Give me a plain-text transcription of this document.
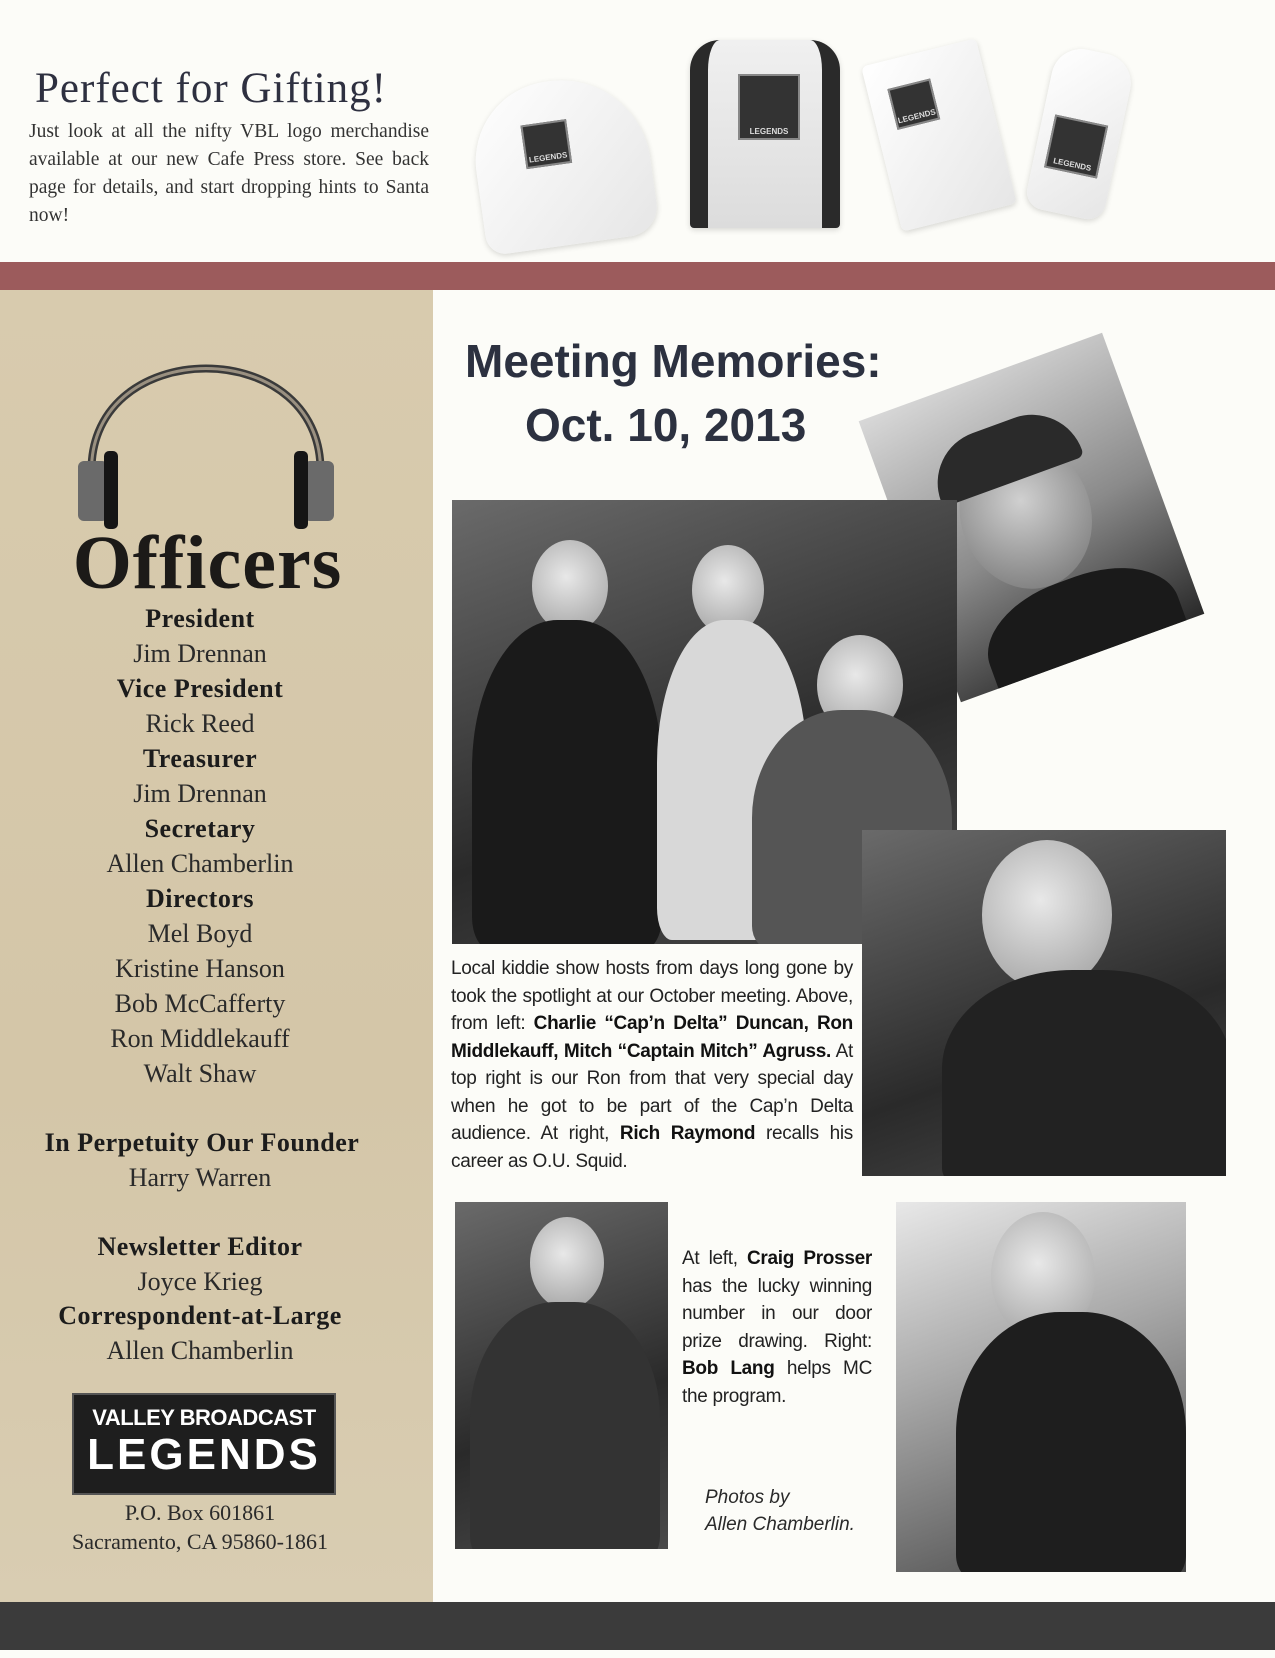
Perfect for Gifting!
Just look at all the nifty VBL logo merchandise available at our new Cafe Press store. See back page for details, and start dropping hints to Santa now!
LEGENDS
LEGENDS
LEGENDS
LEGENDS
Officers
President
Jim Drennan
Vice President
Rick Reed
Treasurer
Jim Drennan
Secretary
Allen Chamberlin
Directors
Mel Boyd
Kristine Hanson
Bob McCafferty
Ron Middlekauff
Walt Shaw
In Perpetuity Our Founder
Harry Warren
Newsletter Editor
Joyce Krieg
Correspondent-at-Large
Allen Chamberlin
VALLEY BROADCAST
LEGENDS
P.O. Box 601861
Sacramento, CA 95860-1861
Meeting Memories:
Oct. 10, 2013
Local kiddie show hosts from days long gone by took the spotlight at our October meeting. Above, from left: Charlie “Cap’n Delta” Duncan, Ron Middlekauff, Mitch “Captain Mitch” Agruss. At top right is our Ron from that very special day when he got to be part of the Cap’n Delta audience. At right, Rich Raymond recalls his career as O.U. Squid.
At left, Craig Prosser has the lucky winning number in our door prize drawing. Right: Bob Lang helps MC the program.
Photos by
Allen Chamberlin.
